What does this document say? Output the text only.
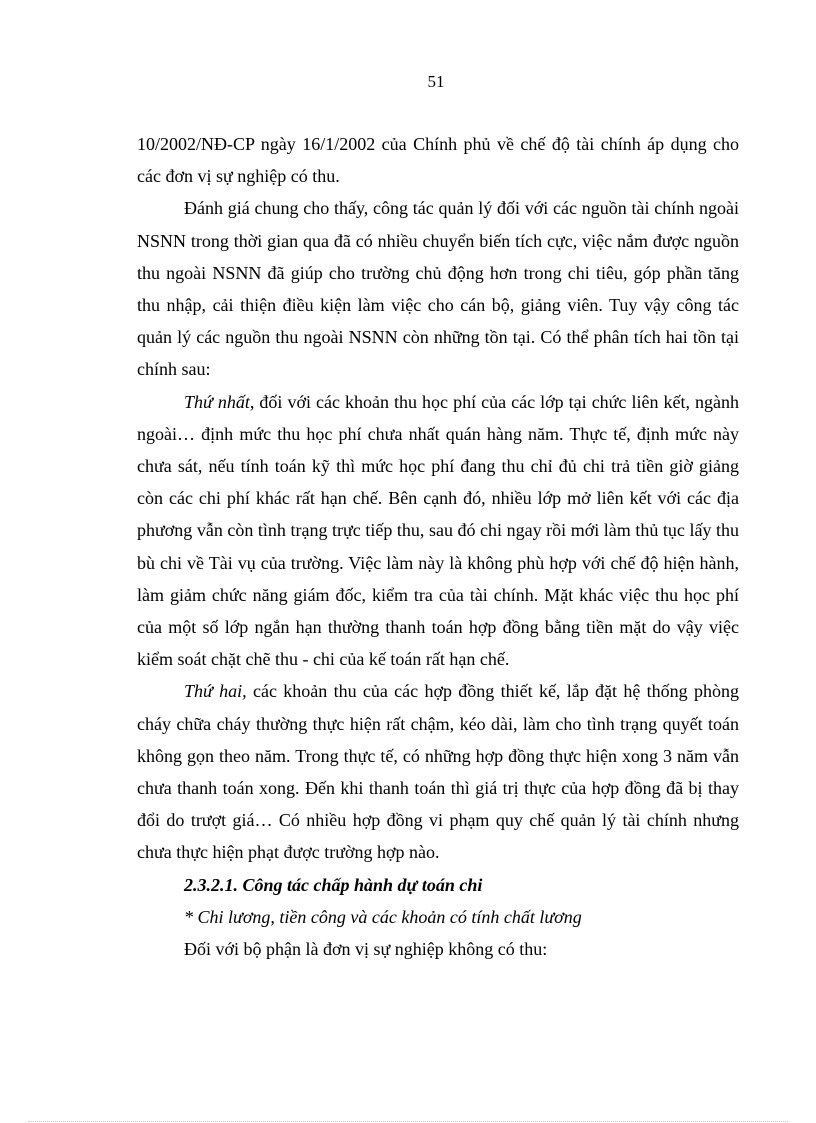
51

10/2002/NĐ-CP ngày 16/1/2002 của Chính phủ về chế độ tài chính áp dụng cho các đơn vị sự nghiệp có thu.

Đánh giá chung cho thấy, công tác quản lý đối với các nguồn tài chính ngoài NSNN trong thời gian qua đã có nhiều chuyển biến tích cực, việc nắm được nguồn thu ngoài NSNN đã giúp cho trường chủ động hơn trong chi tiêu, góp phần tăng thu nhập, cải thiện điều kiện làm việc cho cán bộ, giảng viên. Tuy vậy công tác quản lý các nguồn thu ngoài NSNN còn những tồn tại. Có thể phân tích hai tồn tại chính sau:

Thứ nhất, đối với các khoản thu học phí của các lớp tại chức liên kết, ngành ngoài… định mức thu học phí chưa nhất quán hàng năm. Thực tế, định mức này chưa sát, nếu tính toán kỹ thì mức học phí đang thu chỉ đủ chi trả tiền giờ giảng còn các chi phí khác rất hạn chế. Bên cạnh đó, nhiều lớp mở liên kết với các địa phương vẫn còn tình trạng trực tiếp thu, sau đó chi ngay rồi mới làm thủ tục lấy thu bù chi về Tài vụ của trường. Việc làm này là không phù hợp với chế độ hiện hành, làm giảm chức năng giám đốc, kiểm tra của tài chính. Mặt khác việc thu học phí của một số lớp ngắn hạn thường thanh toán hợp đồng bằng tiền mặt do vậy việc kiểm soát chặt chẽ thu - chi của kế toán rất hạn chế.

Thứ hai, các khoản thu của các hợp đồng thiết kế, lắp đặt hệ thống phòng cháy chữa cháy thường thực hiện rất chậm, kéo dài, làm cho tình trạng quyết toán không gọn theo năm. Trong thực tế, có những hợp đồng thực hiện xong 3 năm vẫn chưa thanh toán xong. Đến khi thanh toán thì giá trị thực của hợp đồng đã bị thay đổi do trượt giá… Có nhiều hợp đồng vi phạm quy chế quản lý tài chính nhưng chưa thực hiện phạt được trường hợp nào.

2.3.2.1. Công tác chấp hành dự toán chi

* Chi lương, tiền công và các khoản có tính chất lương

Đối với bộ phận là đơn vị sự nghiệp không có thu:
